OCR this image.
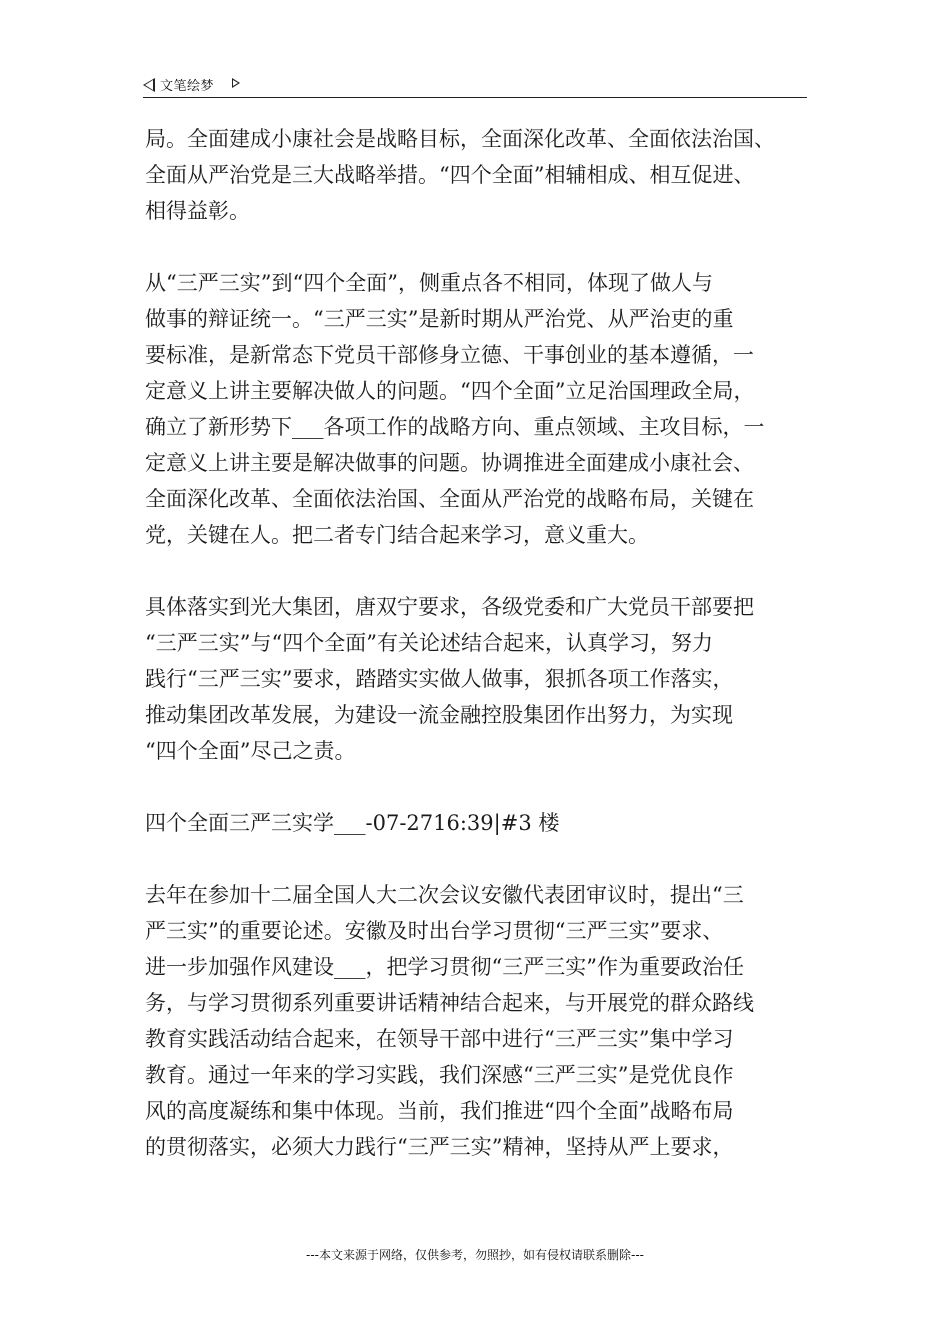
文笔绘梦

局。全面建成小康社会是战略目标，全面深化改革、全面依法治国、
全面从严治党是三大战略举措。“四个全面”相辅相成、相互促进、
相得益彰。

从“三严三实”到“四个全面”，侧重点各不相同，体现了做人与
做事的辩证统一。“三严三实”是新时期从严治党、从严治吏的重
要标准，是新常态下党员干部修身立德、干事创业的基本遵循，一
定意义上讲主要解决做人的问题。“四个全面”立足治国理政全局，
确立了新形势下___各项工作的战略方向、重点领域、主攻目标，一
定意义上讲主要是解决做事的问题。协调推进全面建成小康社会、
全面深化改革、全面依法治国、全面从严治党的战略布局，关键在
党，关键在人。把二者专门结合起来学习，意义重大。

具体落实到光大集团，唐双宁要求，各级党委和广大党员干部要把
“三严三实”与“四个全面”有关论述结合起来，认真学习，努力
践行“三严三实”要求，踏踏实实做人做事，狠抓各项工作落实，
推动集团改革发展，为建设一流金融控股集团作出努力，为实现
“四个全面”尽己之责。

四个全面三严三实学___-07-2716:39|#3 楼

去年在参加十二届全国人大二次会议安徽代表团审议时，提出“三
严三实”的重要论述。安徽及时出台学习贯彻“三严三实”要求、
进一步加强作风建设___，把学习贯彻“三严三实”作为重要政治任
务，与学习贯彻系列重要讲话精神结合起来，与开展党的群众路线
教育实践活动结合起来，在领导干部中进行“三严三实”集中学习
教育。通过一年来的学习实践，我们深感“三严三实”是党优良作
风的高度凝练和集中体现。当前，我们推进“四个全面”战略布局
的贯彻落实，必须大力践行“三严三实”精神，坚持从严上要求，

---本文来源于网络，仅供参考，勿照抄，如有侵权请联系删除---
